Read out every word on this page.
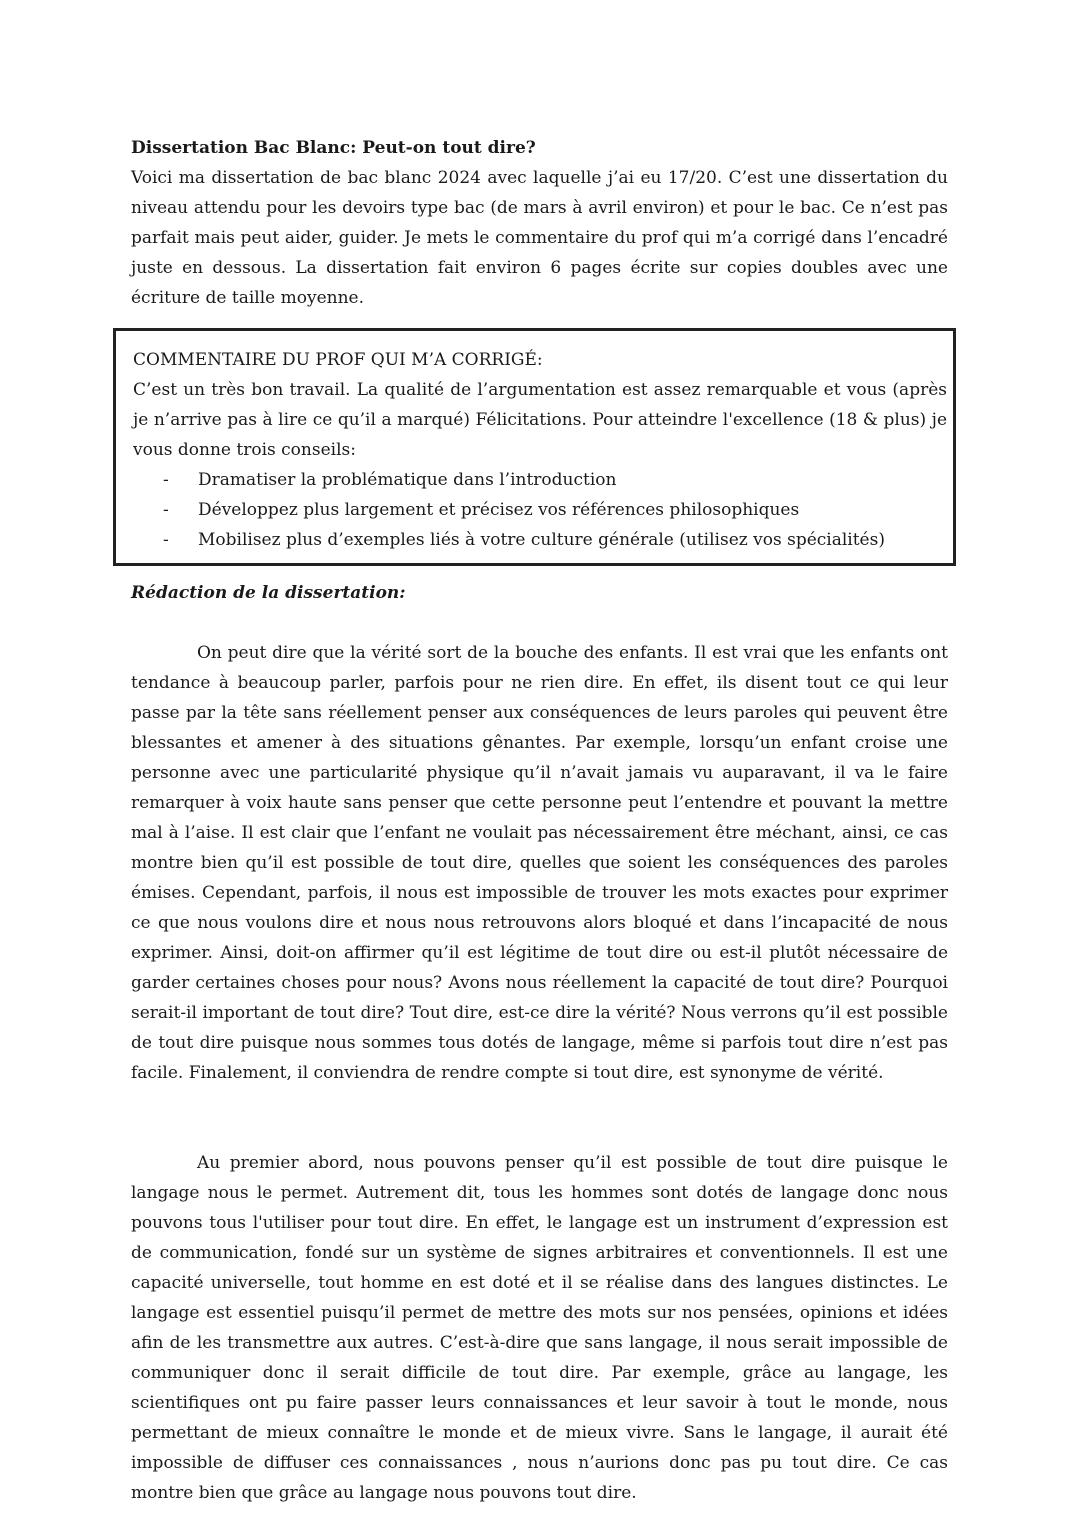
Dissertation Bac Blanc: Peut-on tout dire?

Voici ma dissertation de bac blanc 2024 avec laquelle j’ai eu 17/20. C’est une dissertation du niveau attendu pour les devoirs type bac (de mars à avril environ) et pour le bac. Ce n’est pas parfait mais peut aider, guider. Je mets le commentaire du prof qui m’a corrigé dans l’encadré juste en dessous. La dissertation fait environ 6 pages écrite sur copies doubles avec une écriture de taille moyenne.

COMMENTAIRE DU PROF QUI M’A CORRIGÉ:

C’est un très bon travail. La qualité de l’argumentation est assez remarquable et vous (après je n’arrive pas à lire ce qu’il a marqué) Félicitations. Pour atteindre l'excellence (18 & plus) je vous donne trois conseils:

- Dramatiser la problématique dans l’introduction
- Développez plus largement et précisez vos références philosophiques
- Mobilisez plus d’exemples liés à votre culture générale (utilisez vos spécialités)

Rédaction de la dissertation:

On peut dire que la vérité sort de la bouche des enfants. Il est vrai que les enfants ont tendance à beaucoup parler, parfois pour ne rien dire. En effet, ils disent tout ce qui leur passe par la tête sans réellement penser aux conséquences de leurs paroles qui peuvent être blessantes et amener à des situations gênantes. Par exemple, lorsqu’un enfant croise une personne avec une particularité physique qu’il n’avait jamais vu auparavant, il va le faire remarquer à voix haute sans penser que cette personne peut l’entendre et pouvant la mettre mal à l’aise. Il est clair que l’enfant ne voulait pas nécessairement être méchant, ainsi, ce cas montre bien qu’il est possible de tout dire, quelles que soient les conséquences des paroles émises. Cependant, parfois, il nous est impossible de trouver les mots exactes pour exprimer ce que nous voulons dire et nous nous retrouvons alors bloqué et dans l’incapacité de nous exprimer. Ainsi, doit-on affirmer qu’il est légitime de tout dire ou est-il plutôt nécessaire de garder certaines choses pour nous? Avons nous réellement la capacité de tout dire? Pourquoi serait-il important de tout dire? Tout dire, est-ce dire la vérité? Nous verrons qu’il est possible de tout dire puisque nous sommes tous dotés de langage, même si parfois tout dire n’est pas facile. Finalement, il conviendra de rendre compte si tout dire, est synonyme de vérité.

Au premier abord, nous pouvons penser qu’il est possible de tout dire puisque le langage nous le permet. Autrement dit, tous les hommes sont dotés de langage donc nous pouvons tous l'utiliser pour tout dire. En effet, le langage est un instrument d’expression est de communication, fondé sur un système de signes arbitraires et conventionnels. Il est une capacité universelle, tout homme en est doté et il se réalise dans des langues distinctes. Le langage est essentiel puisqu’il permet de mettre des mots sur nos pensées, opinions et idées afin de les transmettre aux autres. C’est-à-dire que sans langage, il nous serait impossible de communiquer donc il serait difficile de tout dire. Par exemple, grâce au langage, les scientifiques ont pu faire passer leurs connaissances et leur savoir à tout le monde, nous permettant de mieux connaître le monde et de mieux vivre. Sans le langage, il aurait été impossible de diffuser ces connaissances , nous n’aurions donc pas pu tout dire. Ce cas montre bien que grâce au langage nous pouvons tout dire.
